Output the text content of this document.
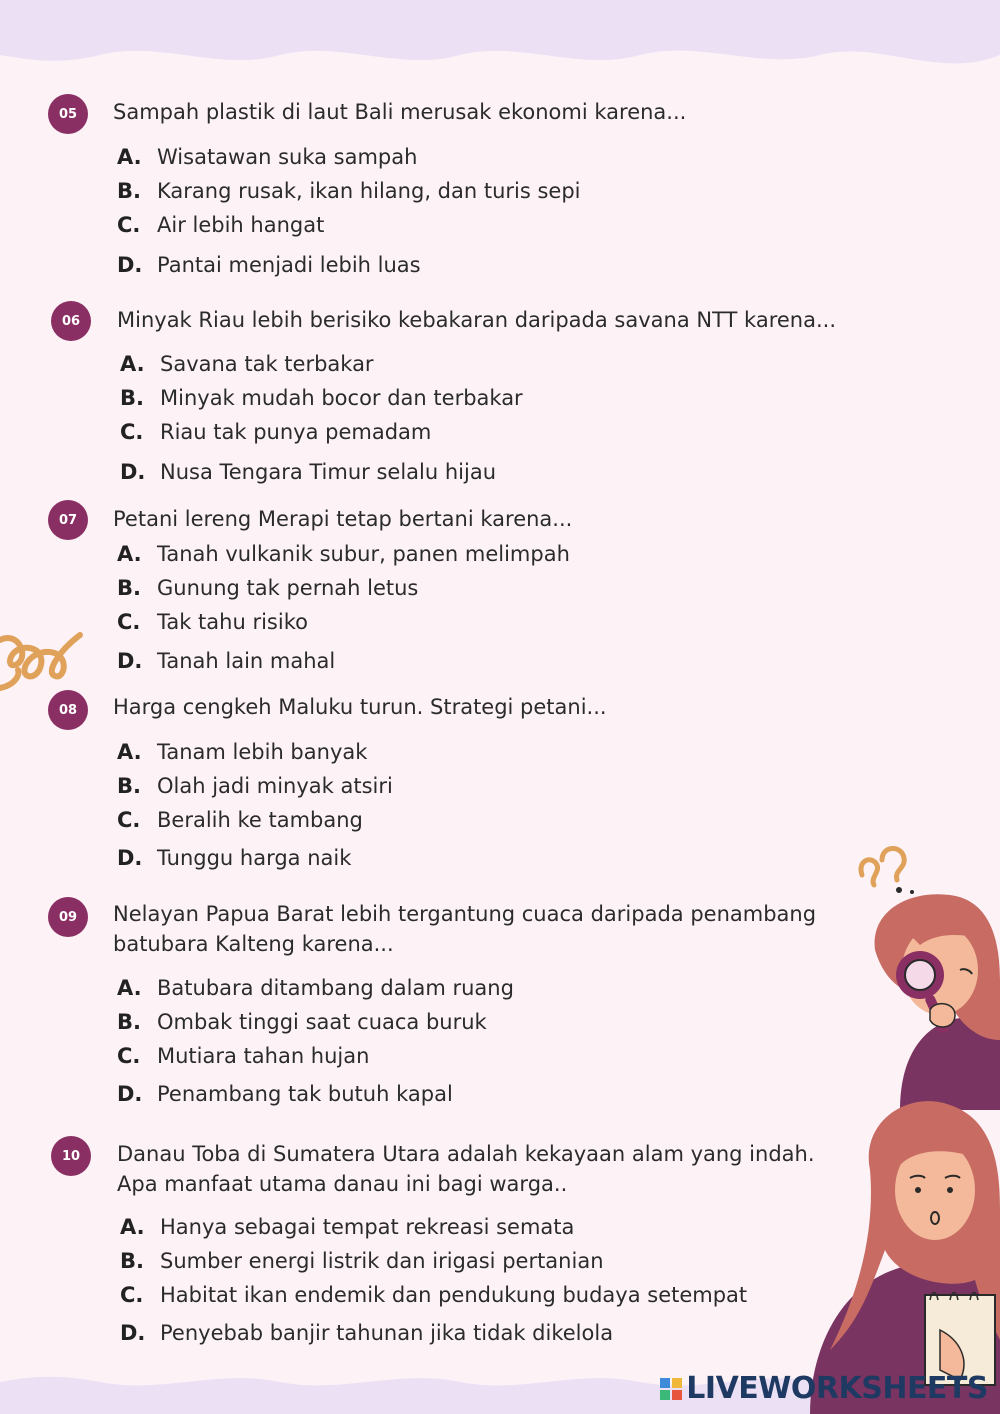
05	Sampah plastik di laut Bali merusak ekonomi karena...
A. Wisatawan suka sampah
B. Karang rusak, ikan hilang, dan turis sepi
C. Air lebih hangat
D. Pantai menjadi lebih luas
06	Minyak Riau lebih berisiko kebakaran daripada savana NTT karena...
A. Savana tak terbakar
B. Minyak mudah bocor dan terbakar
C. Riau tak punya pemadam
D. Nusa Tengara Timur selalu hijau
07	Petani lereng Merapi tetap bertani karena...
A. Tanah vulkanik subur, panen melimpah
B. Gunung tak pernah letus
C. Tak tahu risiko
D. Tanah lain mahal
08	Harga cengkeh Maluku turun. Strategi petani...
A. Tanam lebih banyak
B. Olah jadi minyak atsiri
C. Beralih ke tambang
D. Tunggu harga naik
09	Nelayan Papua Barat lebih tergantung cuaca daripada penambang batubara Kalteng karena...
A. Batubara ditambang dalam ruang
B. Ombak tinggi saat cuaca buruk
C. Mutiara tahan hujan
D. Penambang tak butuh kapal
10	Danau Toba di Sumatera Utara adalah kekayaan alam yang indah. Apa manfaat utama danau ini bagi warga..
A. Hanya sebagai tempat rekreasi semata
B. Sumber energi listrik dan irigasi pertanian
C. Habitat ikan endemik dan pendukung budaya setempat
D. Penyebab banjir tahunan jika tidak dikelola
LIVEWORKSHEETS
